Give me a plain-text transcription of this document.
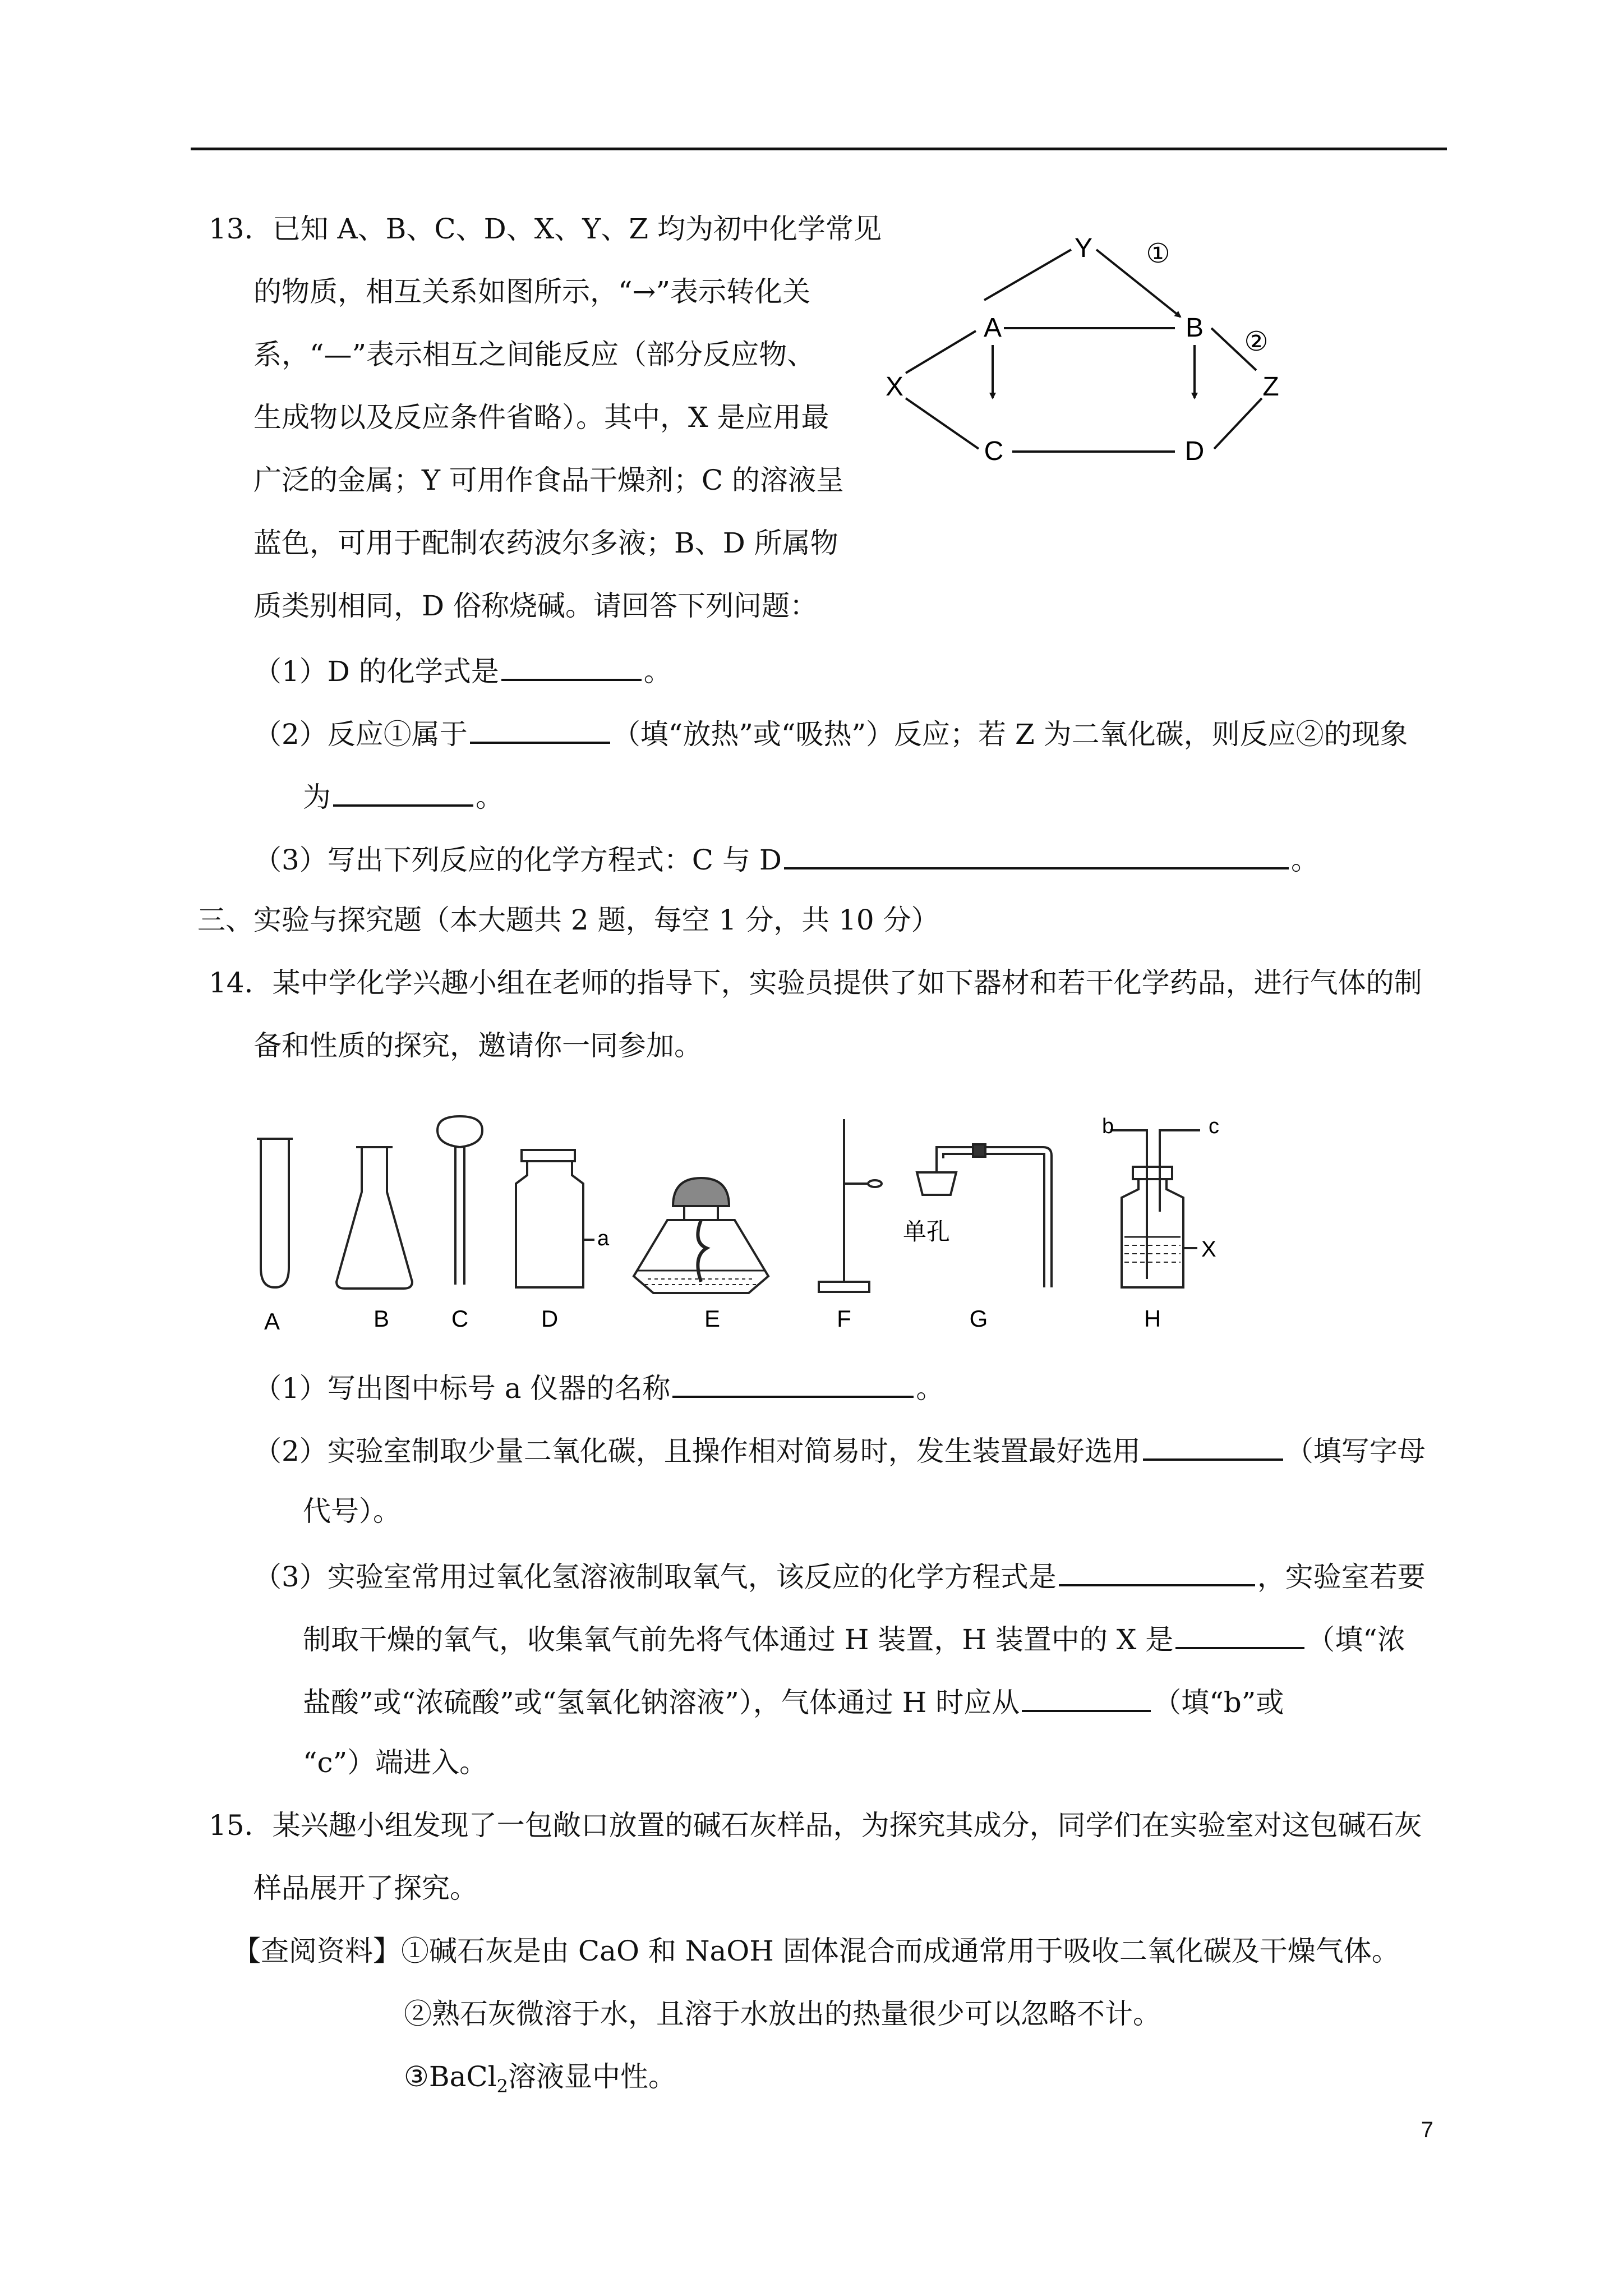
13．已知 A、B、C、D、X、Y、Z 均为初中化学常见
的物质，相互关系如图所示，“→”表示转化关
系，“—”表示相互之间能反应（部分反应物、
生成物以及反应条件省略）。其中，X 是应用最
广泛的金属；Y 可用作食品干燥剂；C 的溶液呈
蓝色，可用于配制农药波尔多液；B、D 所属物
质类别相同，D 俗称烧碱。请回答下列问题：
Y
A	B
C	D
X	Z
①
②
（1）D 的化学式是	。
（2）反应①属于	（填“放热”或“吸热”）反应；若 Z 为二氧化碳，则反应②的现象
为	。
（3）写出下列反应的化学方程式：C 与 D	。
三、实验与探究题（本大题共 2 题，每空 1 分，共 10 分）
14．某中学化学兴趣小组在老师的指导下，实验员提供了如下器材和若干化学药品，进行气体的制
备和性质的探究，邀请你一同参加。
a	单孔
b	c
X
A	B	C	D	E	F	G	H
（1）写出图中标号 a 仪器的名称	。
（2）实验室制取少量二氧化碳，且操作相对简易时，发生装置最好选用	（填写字母
代号）。
（3）实验室常用过氧化氢溶液制取氧气，该反应的化学方程式是	，实验室若要
制取干燥的氧气，收集氧气前先将气体通过 H 装置，H 装置中的 X 是	（填“浓
盐酸”或“浓硫酸”或“氢氧化钠溶液”），气体通过 H 时应从	（填“b”或
“c”）端进入。
15．某兴趣小组发现了一包敞口放置的碱石灰样品，为探究其成分，同学们在实验室对这包碱石灰
样品展开了探究。
【查阅资料】①碱石灰是由 CaO 和 NaOH 固体混合而成通常用于吸收二氧化碳及干燥气体。
②熟石灰微溶于水，且溶于水放出的热量很少可以忽略不计。
③BaCl$_2$溶液显中性。
7
